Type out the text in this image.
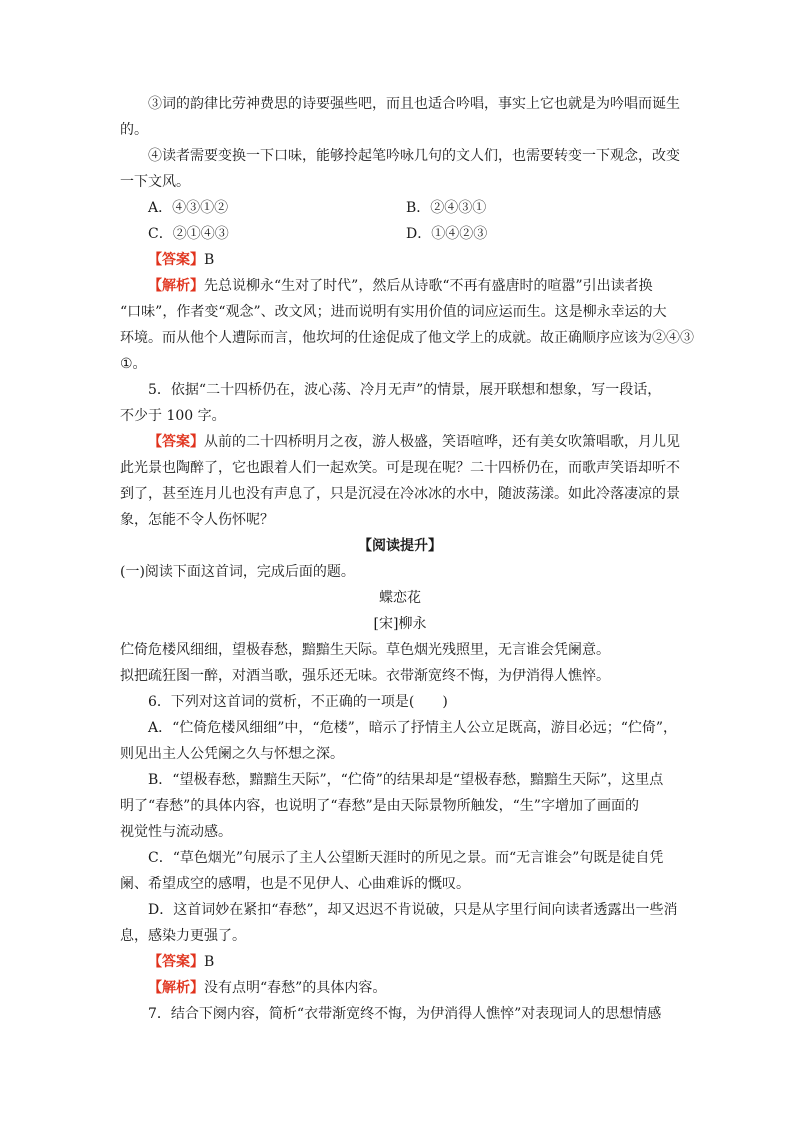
③词的韵律比劳神费思的诗要强些吧，而且也适合吟唱，事实上它也就是为吟唱而诞生
的。
④读者需要变换一下口味，能够拎起笔吟咏几句的文人们，也需要转变一下观念，改变
一下文风。
A．④③①②	B．②④③①
C．②①④③	D．①④②③
【答案】B
【解析】先总说柳永“生对了时代”，然后从诗歌“不再有盛唐时的喧嚣”引出读者换
“口味”，作者变“观念”、改文风；进而说明有实用价值的词应运而生。这是柳永幸运的大
环境。而从他个人遭际而言，他坎坷的仕途促成了他文学上的成就。故正确顺序应该为②④③
①。
5．依据“二十四桥仍在，波心荡、冷月无声”的情景，展开联想和想象，写一段话，
不少于 100 字。
【答案】从前的二十四桥明月之夜，游人极盛，笑语喧哗，还有美女吹箫唱歌，月儿见
此光景也陶醉了，它也跟着人们一起欢笑。可是现在呢？二十四桥仍在，而歌声笑语却听不
到了，甚至连月儿也没有声息了，只是沉浸在冷冰冰的水中，随波荡漾。如此冷落凄凉的景
象，怎能不令人伤怀呢？
【阅读提升】
(一)阅读下面这首词，完成后面的题。
蝶恋花
[宋]柳永
伫倚危楼风细细，望极春愁，黯黯生天际。草色烟光残照里，无言谁会凭阑意。
拟把疏狂图一醉，对酒当歌，强乐还无味。衣带渐宽终不悔，为伊消得人憔悴。
6．下列对这首词的赏析，不正确的一项是(　　)
A．“伫倚危楼风细细”中，“危楼”，暗示了抒情主人公立足既高，游目必远；“伫倚”，
则见出主人公凭阑之久与怀想之深。
B．“望极春愁，黯黯生天际”，“伫倚”的结果却是“望极春愁，黯黯生天际”，这里点
明了“春愁”的具体内容，也说明了“春愁”是由天际景物所触发，“生”字增加了画面的
视觉性与流动感。
C．“草色烟光”句展示了主人公望断天涯时的所见之景。而“无言谁会”句既是徒自凭
阑、希望成空的感喟，也是不见伊人、心曲难诉的慨叹。
D．这首词妙在紧扣“春愁”，却又迟迟不肯说破，只是从字里行间向读者透露出一些消
息，感染力更强了。
【答案】B
【解析】没有点明“春愁”的具体内容。
7．结合下阕内容，简析“衣带渐宽终不悔，为伊消得人憔悴”对表现词人的思想情感
